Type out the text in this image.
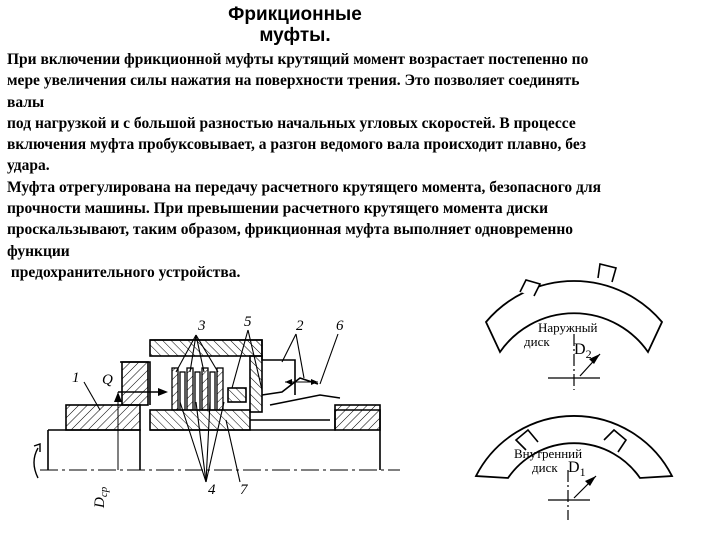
Фрикционные
муфты.
При включении фрикционной муфты крутящий момент возрастает постепенно по
мере увеличения силы нажатия на поверхности трения. Это позволяет соединять
валы
под нагрузкой и с большой разностью начальных угловых скоростей. В процессе
включения муфта пробуксовывает, а разгон ведомого вала происходит плавно, без
удара.
Муфта отрегулирована на передачу расчетного крутящего момента, безопасного для
прочности машины. При превышении расчетного крутящего момента диски
проскальзывают, таким образом, фрикционная муфта выполняет одновременно
функции
предохранительного устройства.
3	5	2 6
1 Q
4 7
$D_{ср}$
Наружный
диск $D_2$
Внутренний
диск $D_1$
